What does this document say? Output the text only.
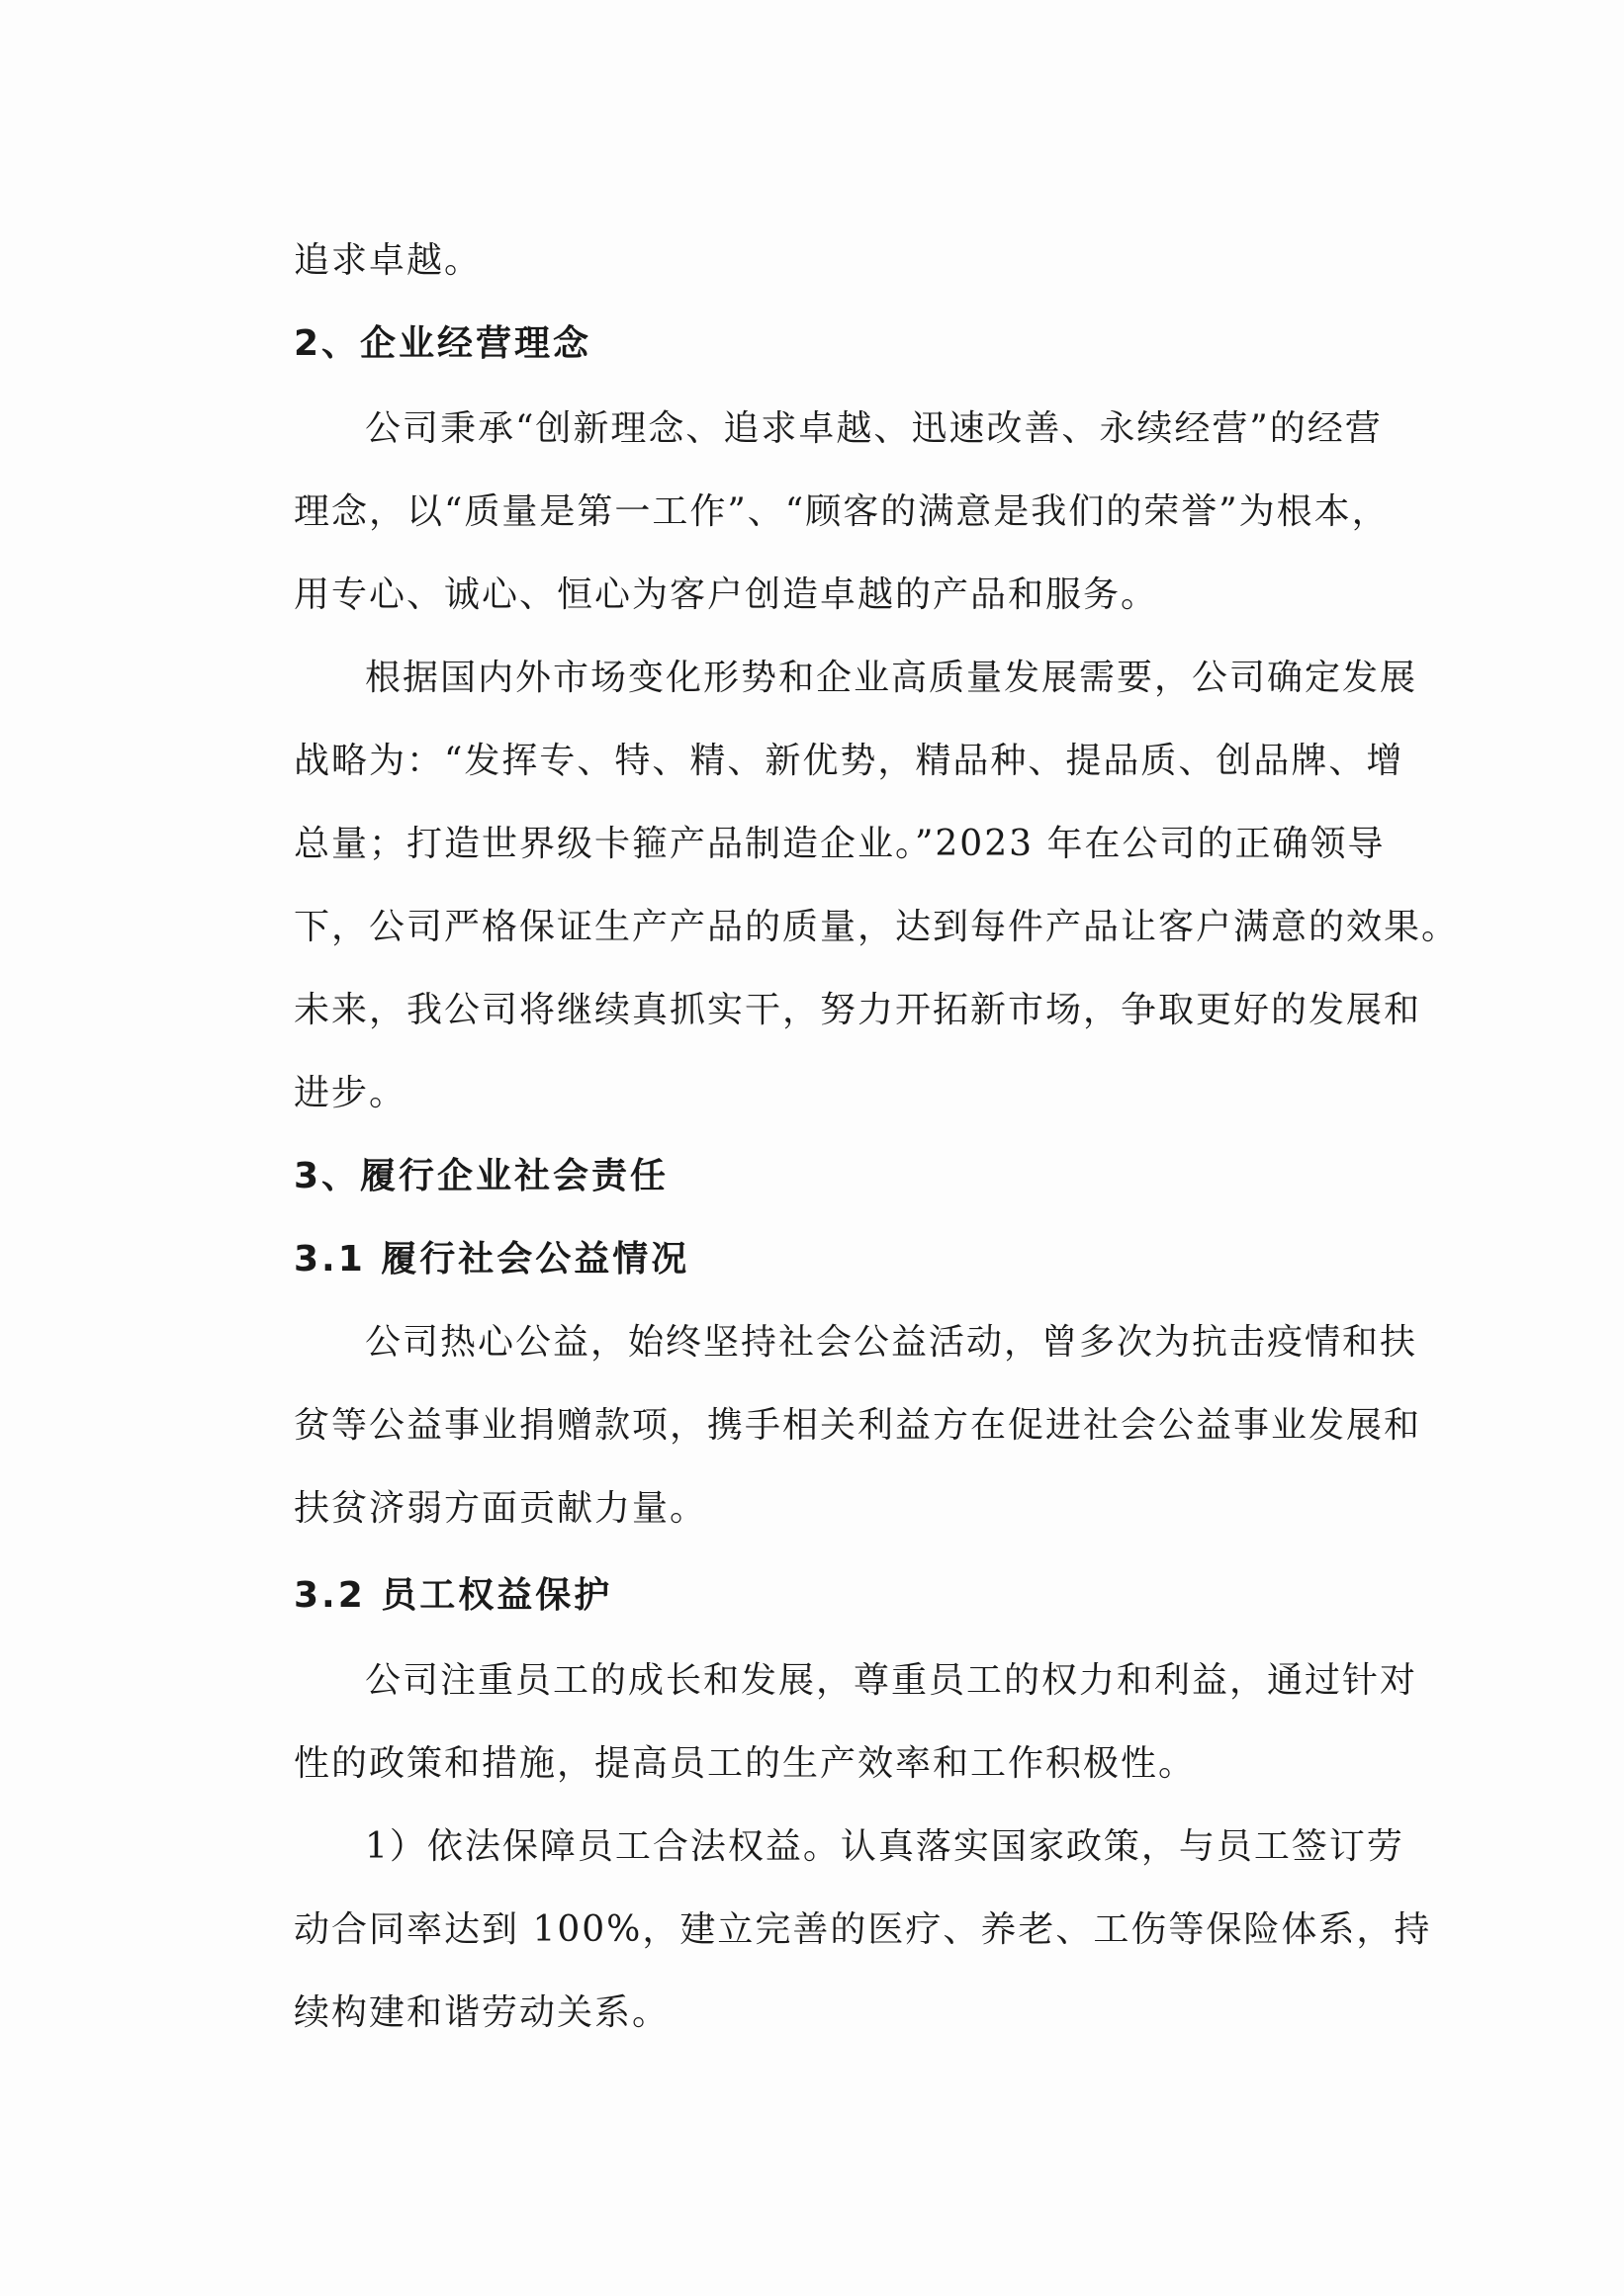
追求卓越。
2、企业经营理念
公司秉承“创新理念、追求卓越、迅速改善、永续经营”的经营
理念，以“质量是第一工作”、“顾客的满意是我们的荣誉”为根本，
用专心、诚心、恒心为客户创造卓越的产品和服务。
根据国内外市场变化形势和企业高质量发展需要，公司确定发展
战略为：“发挥专、特、精、新优势，精品种、提品质、创品牌、增
总量；打造世界级卡箍产品制造企业。”2023 年在公司的正确领导
下，公司严格保证生产产品的质量，达到每件产品让客户满意的效果。
未来，我公司将继续真抓实干，努力开拓新市场，争取更好的发展和
进步。
3、履行企业社会责任
3.1 履行社会公益情况
公司热心公益，始终坚持社会公益活动，曾多次为抗击疫情和扶
贫等公益事业捐赠款项，携手相关利益方在促进社会公益事业发展和
扶贫济弱方面贡献力量。
3.2 员工权益保护
公司注重员工的成长和发展，尊重员工的权力和利益，通过针对
性的政策和措施，提高员工的生产效率和工作积极性。
1）依法保障员工合法权益。认真落实国家政策，与员工签订劳
动合同率达到 100%，建立完善的医疗、养老、工伤等保险体系，持
续构建和谐劳动关系。
